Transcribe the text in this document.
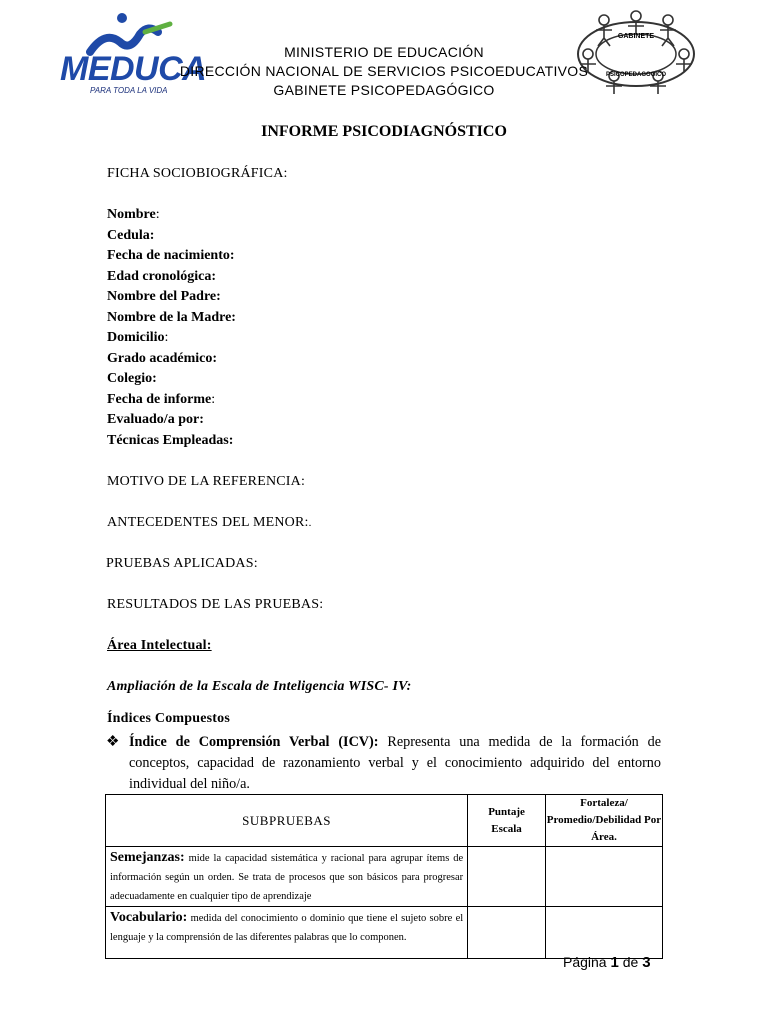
MEDUCA
PARA TODA LA VIDA
GABINETE
PSICOPEDAGOGICO
MINISTERIO DE EDUCACIÓN
DIRECCIÓN NACIONAL DE SERVICIOS PSICOEDUCATIVOS
GABINETE PSICOPEDAGÓGICO
INFORME PSICODIAGNÓSTICO
FICHA SOCIOBIOGRÁFICA:
Nombre:
Cedula:
Fecha de nacimiento:
Edad cronológica:
Nombre del Padre:
Nombre de la Madre:
Domicilio:
Grado académico:
Colegio:
Fecha de informe:
Evaluado/a por:
Técnicas Empleadas:
MOTIVO DE LA REFERENCIA:
ANTECEDENTES DEL MENOR:.
PRUEBAS APLICADAS:
RESULTADOS DE LAS PRUEBAS:
Área Intelectual:
Ampliación de la Escala de Inteligencia WISC- IV:
Índices Compuestos
❖ Índice de Comprensión Verbal (ICV): Representa una medida de la formación de conceptos, capacidad de razonamiento verbal y el conocimiento adquirido del entorno individual del niño/a.
SUBPRUEBAS	Puntaje Escala	Fortaleza/ Promedio/Debilidad Por Área.
Semejanzas: mide la capacidad sistemática y racional para agrupar ítems de información según un orden. Se trata de procesos que son básicos para progresar adecuadamente en cualquier tipo de aprendizaje		
Vocabulario: medida del conocimiento o dominio que tiene el sujeto sobre el lenguaje y la comprensión de las diferentes palabras que lo componen.		
Página 1 de 3
